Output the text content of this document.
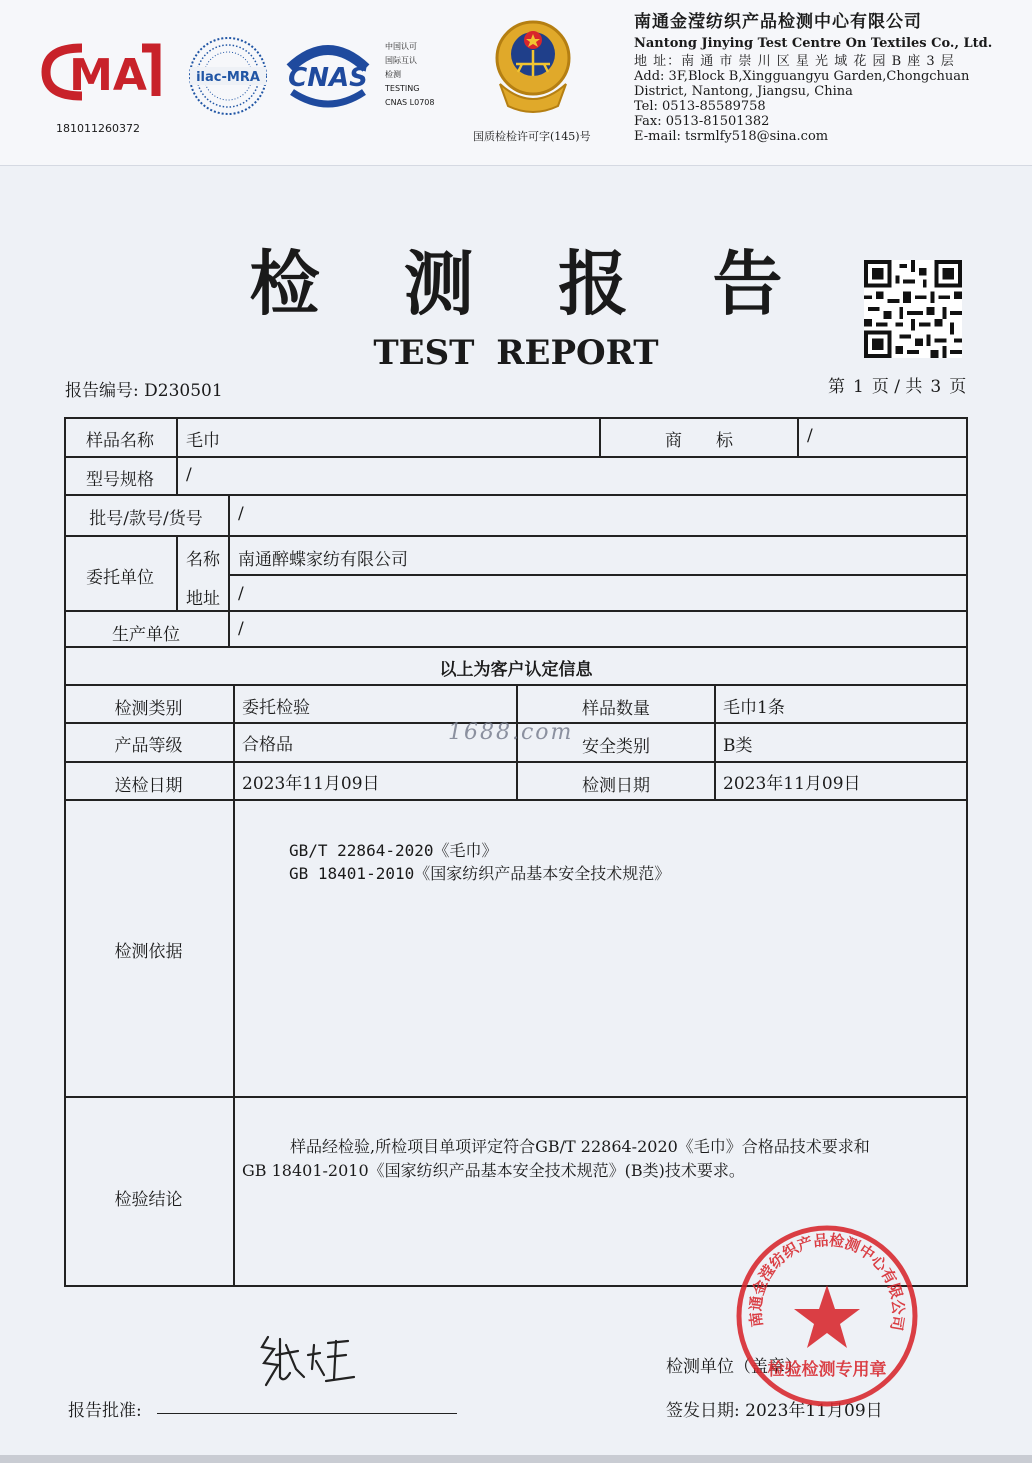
MA
181011260372
ilac-MRA CNAS
中国认可
国际互认
检测
TESTING
CNAS L0708
国质检检许可字(145)号
南通金滢纺织产品检测中心有限公司
Nantong Jinying Test Centre On Textiles Co., Ltd.
地 址：南 通 市 崇 川 区 星 光 域 花 园 B 座 3 层
Add: 3F,Block B,Xingguangyu Garden,Chongchuan
District, Nantong, Jiangsu, China
Tel: 0513-85589758
Fax: 0513-81501382
E-mail: tsrmlfy518@sina.com
检 测 报 告
TEST REPORT
报告编号: D230501	第 1 页 / 共 3 页
样品名称	毛巾	商　　标	/
型号规格	/
批号/款号/货号	/
委托单位
名称	南通醉蝶家纺有限公司
地址	/
生产单位	/
以上为客户认定信息
检测类别	委托检验	样品数量	毛巾1条
产品等级	合格品	安全类别	B类
送检日期	2023年11月09日	检测日期	2023年11月09日
检测依据
GB/T 22864-2020《毛巾》
GB 18401-2010《国家纺织产品基本安全技术规范》
检验结论
样品经检验,所检项目单项评定符合GB/T 22864-2020《毛巾》合格品技术要求和
GB 18401-2010《国家纺织产品基本安全技术规范》(B类)技术要求。
1688.com
报告批准:
检测单位（盖章）
签发日期: 2023年11月09日
南通金滢纺织产品检测中心有限公司
检验检测专用章
